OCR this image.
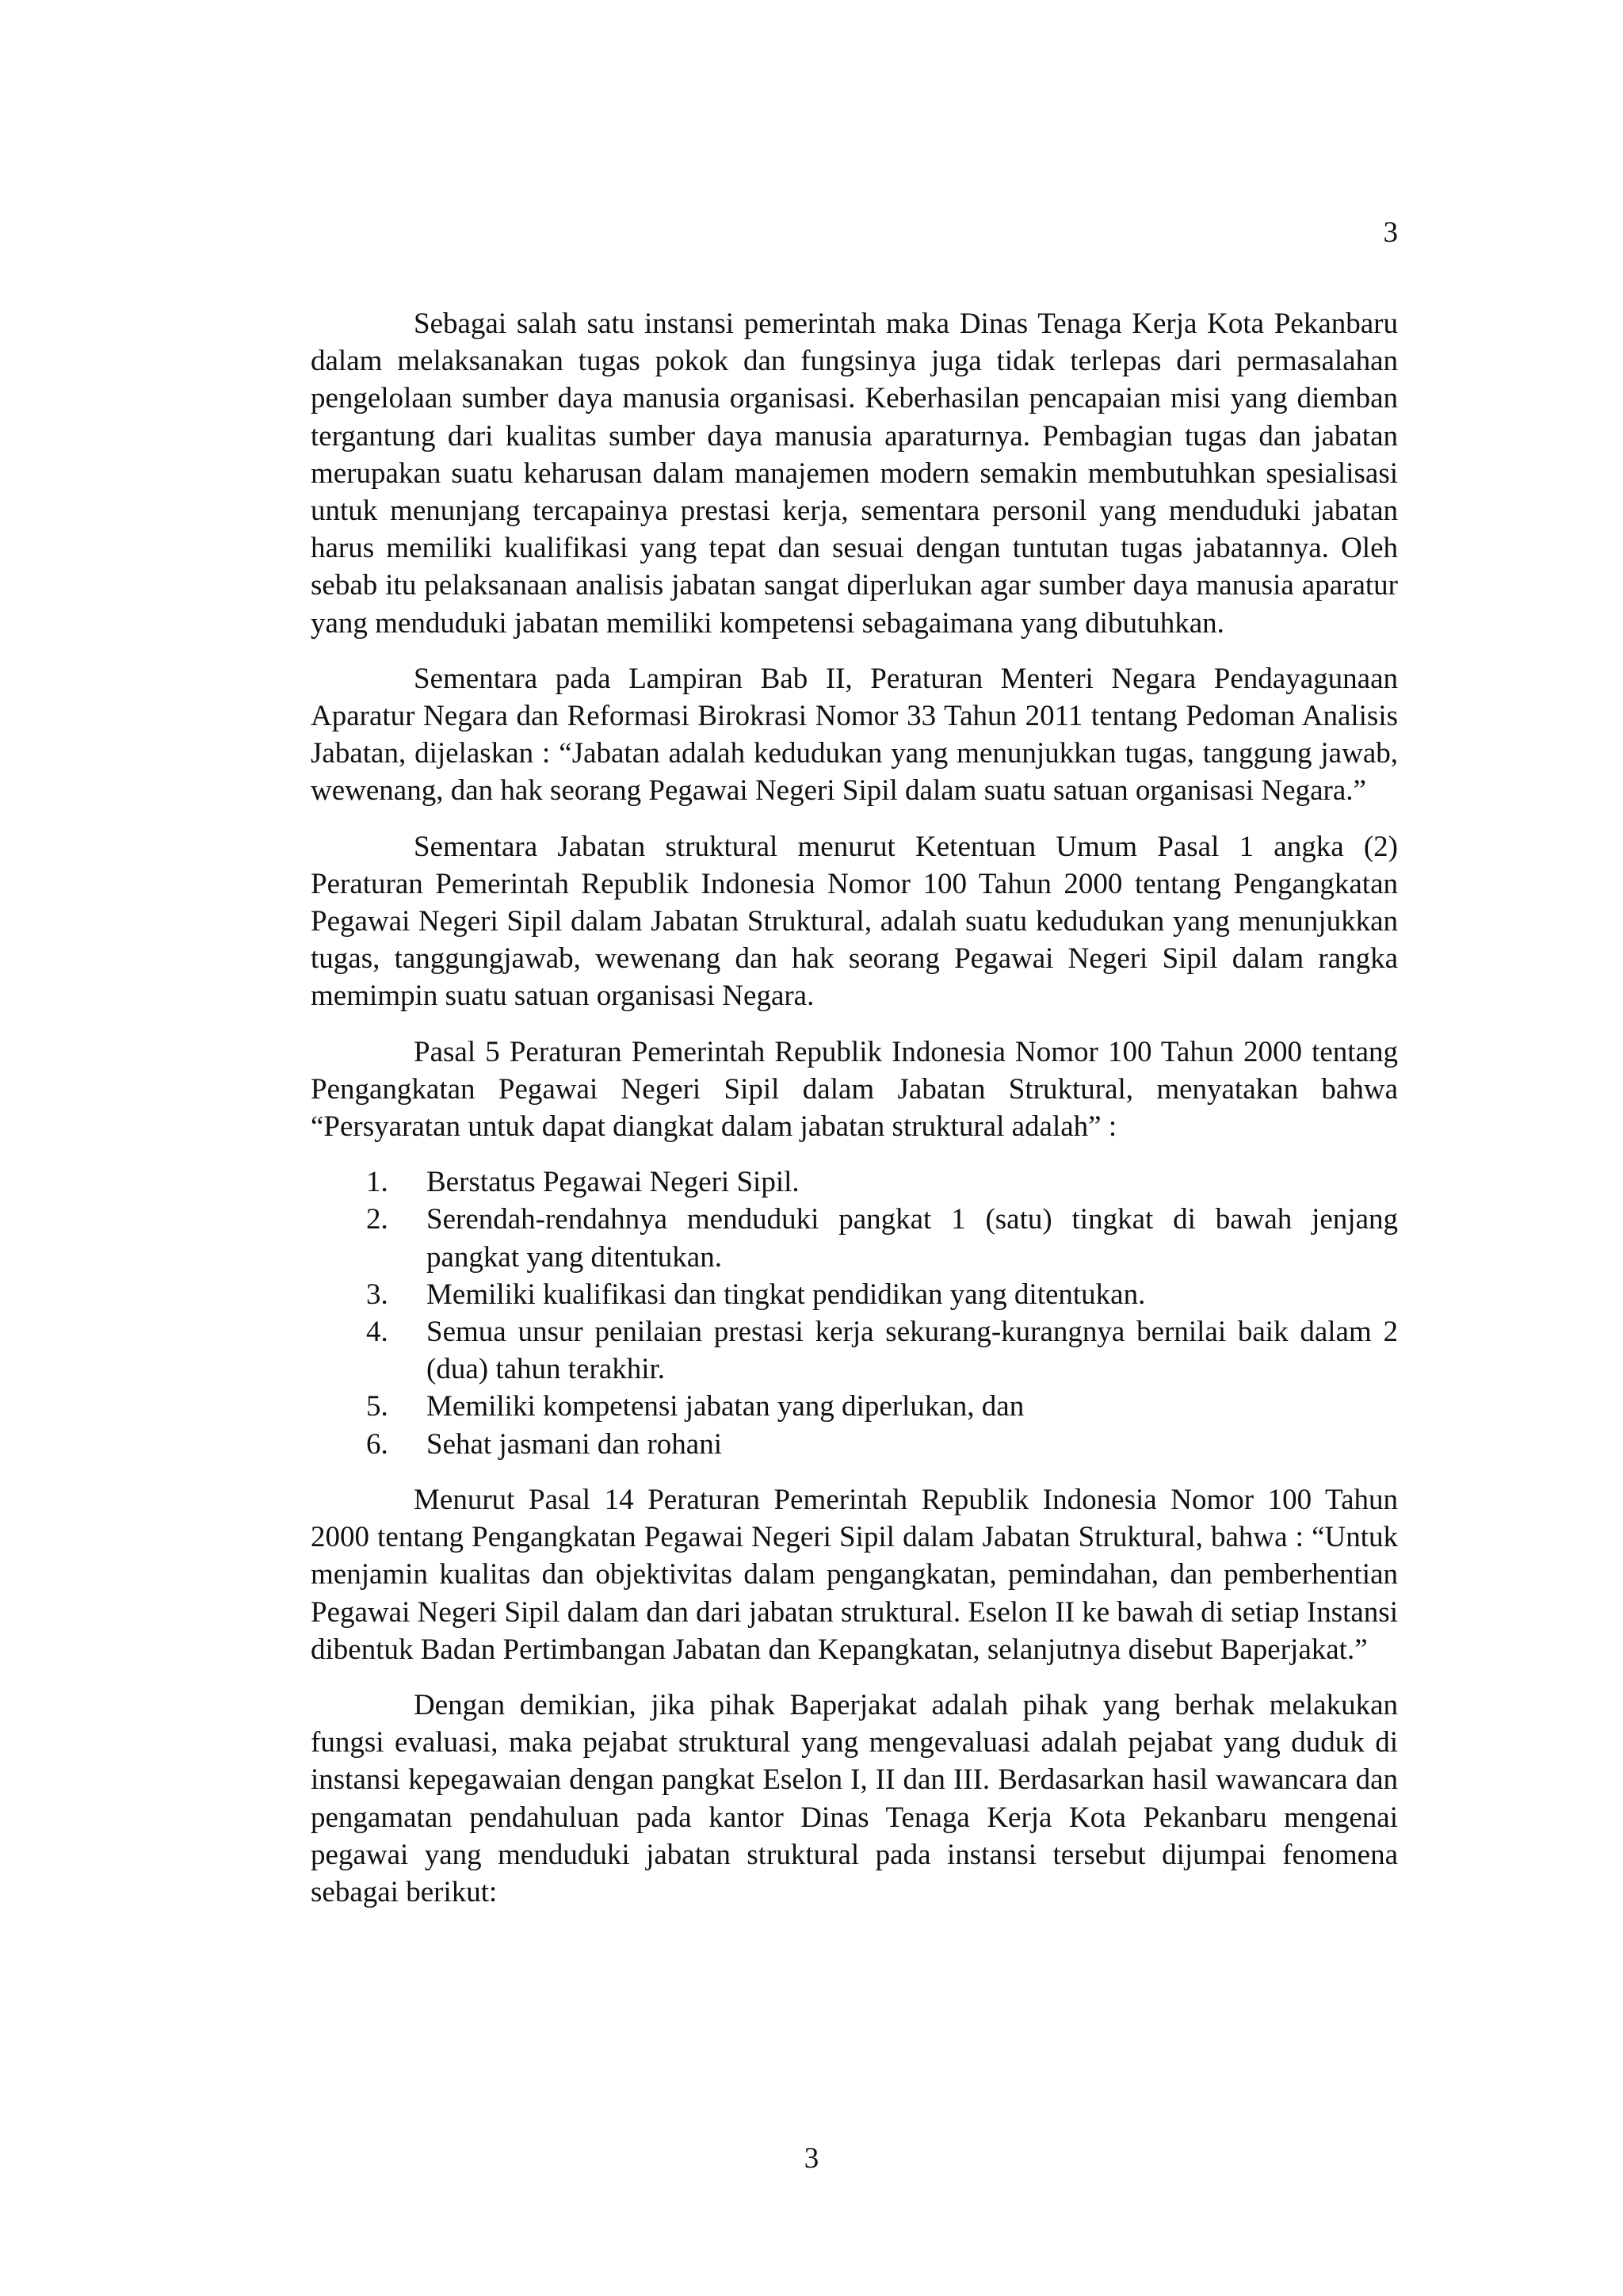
3

Sebagai salah satu instansi pemerintah maka Dinas Tenaga Kerja Kota Pekanbaru dalam melaksanakan tugas pokok dan fungsinya juga tidak terlepas dari permasalahan pengelolaan sumber daya manusia organisasi. Keberhasilan pencapaian misi yang diemban tergantung dari kualitas sumber daya manusia aparaturnya. Pembagian tugas dan jabatan merupakan suatu keharusan dalam manajemen modern semakin membutuhkan spesialisasi untuk menunjang tercapainya prestasi kerja, sementara personil yang menduduki jabatan harus memiliki kualifikasi yang tepat dan sesuai dengan tuntutan tugas jabatannya. Oleh sebab itu pelaksanaan analisis jabatan sangat diperlukan agar sumber daya manusia aparatur yang menduduki jabatan memiliki kompetensi sebagaimana yang dibutuhkan.

Sementara pada Lampiran Bab II, Peraturan Menteri Negara Pendayagunaan Aparatur Negara dan Reformasi Birokrasi Nomor 33 Tahun 2011 tentang Pedoman Analisis Jabatan, dijelaskan : “Jabatan adalah kedudukan yang menunjukkan tugas, tanggung jawab, wewenang, dan hak seorang Pegawai Negeri Sipil dalam suatu satuan organisasi Negara.”

Sementara Jabatan struktural menurut Ketentuan Umum Pasal 1 angka (2) Peraturan Pemerintah Republik Indonesia Nomor 100 Tahun 2000 tentang Pengangkatan Pegawai Negeri Sipil dalam Jabatan Struktural, adalah suatu kedudukan yang menunjukkan tugas, tanggungjawab, wewenang dan hak seorang Pegawai Negeri Sipil dalam rangka memimpin suatu satuan organisasi Negara.

Pasal 5 Peraturan Pemerintah Republik Indonesia Nomor 100 Tahun 2000 tentang Pengangkatan Pegawai Negeri Sipil dalam Jabatan Struktural, menyatakan bahwa “Persyaratan untuk dapat diangkat dalam jabatan struktural adalah” :

1. Berstatus Pegawai Negeri Sipil.
2. Serendah-rendahnya menduduki pangkat 1 (satu) tingkat di bawah jenjang pangkat yang ditentukan.
3. Memiliki kualifikasi dan tingkat pendidikan yang ditentukan.
4. Semua unsur penilaian prestasi kerja sekurang-kurangnya bernilai baik dalam 2 (dua) tahun terakhir.
5. Memiliki kompetensi jabatan yang diperlukan, dan
6. Sehat jasmani dan rohani

Menurut Pasal 14 Peraturan Pemerintah Republik Indonesia Nomor 100 Tahun 2000 tentang Pengangkatan Pegawai Negeri Sipil dalam Jabatan Struktural, bahwa : “Untuk menjamin kualitas dan objektivitas dalam pengangkatan, pemindahan, dan pemberhentian Pegawai Negeri Sipil dalam dan dari jabatan struktural. Eselon II ke bawah di setiap Instansi dibentuk Badan Pertimbangan Jabatan dan Kepangkatan, selanjutnya disebut Baperjakat.”

Dengan demikian, jika pihak Baperjakat adalah pihak yang berhak melakukan fungsi evaluasi, maka pejabat struktural yang mengevaluasi adalah pejabat yang duduk di instansi kepegawaian dengan pangkat Eselon I, II dan III. Berdasarkan hasil wawancara dan pengamatan pendahuluan pada kantor Dinas Tenaga Kerja Kota Pekanbaru mengenai pegawai yang menduduki jabatan struktural pada instansi tersebut dijumpai fenomena sebagai berikut:

3
